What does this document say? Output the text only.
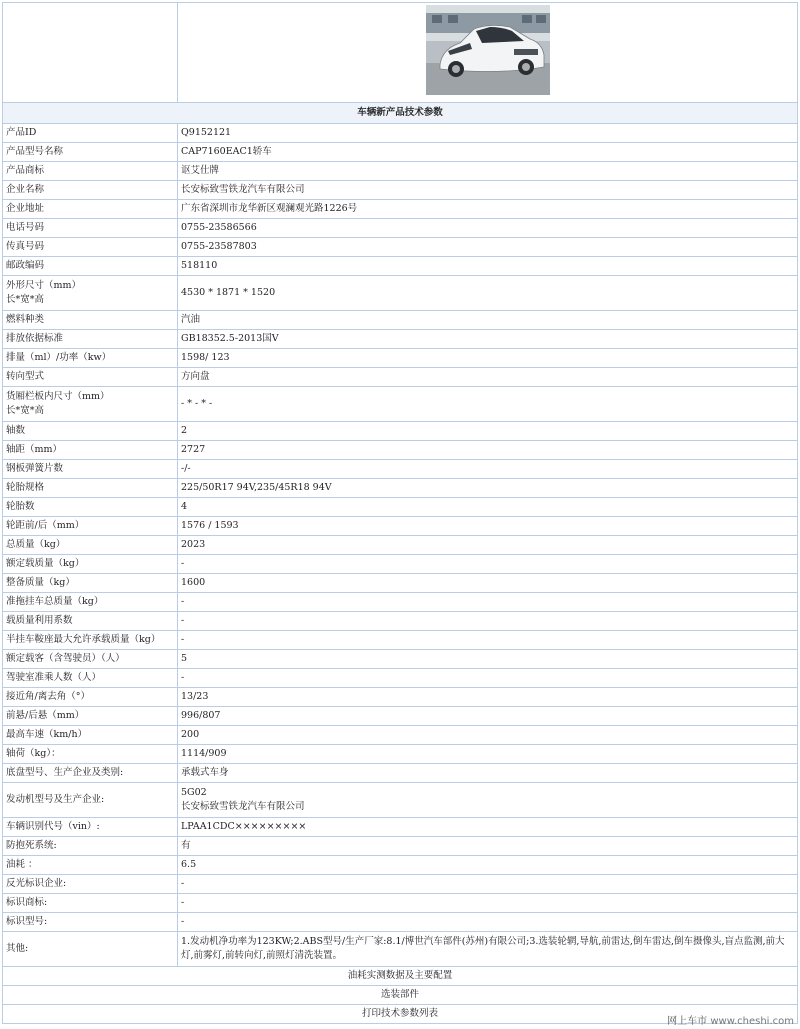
车辆新产品技术参数	
产品ID	Q9152121
产品型号名称	CAP7160EAC1轿车
产品商标	讴艾仕牌
企业名称	长安标致雪铁龙汽车有限公司
企业地址	广东省深圳市龙华新区观澜观光路1226号
电话号码	0755-23586566
传真号码	0755-23587803
邮政编码	518110
外形尺寸（mm）
长*宽*高	4530 * 1871 * 1520
燃料种类	汽油
排放依据标准	GB18352.5-2013国V
排量（ml）/功率（kw）	1598/ 123
转向型式	方向盘
货厢栏板内尺寸（mm）
长*宽*高	- * - * -
轴数	2
轴距（mm）	2727
钢板弹簧片数	-/-
轮胎规格	225/50R17 94V,235/45R18 94V
轮胎数	4
轮距前/后（mm）	1576 / 1593
总质量（kg）	2023
额定载质量（kg）	-
整备质量（kg）	1600
准拖挂车总质量（kg）	-
载质量利用系数	-
半挂车鞍座最大允许承载质量（kg）	-
额定载客（含驾驶员）（人）	5
驾驶室准乘人数（人）	-
接近角/离去角（°）	13/23
前悬/后悬（mm）	996/807
最高车速（km/h）	200
轴荷（kg）：	1114/909
底盘型号、生产企业及类别:	承载式车身
发动机型号及生产企业:	5G02
长安标致雪铁龙汽车有限公司
车辆识别代号（vin）:	LPAA1CDC×××××××××
防抱死系统:	有
油耗 ：	6.5
反光标识企业:	-
标识商标:	-
标识型号:	-
其他:	1.发动机净功率为123KW;2.ABS型号/生产厂家:8.1/博世汽车部件(苏州)有限公司;3.选装轮辋,导航,前雷达,倒车雷达,倒车摄像头,盲点监测,前大灯,前雾灯,前转向灯,前照灯清洗装置。
油耗实测数据及主要配置	
选装部件	
打印技术参数列表	
网上车市 www.cheshi.com
